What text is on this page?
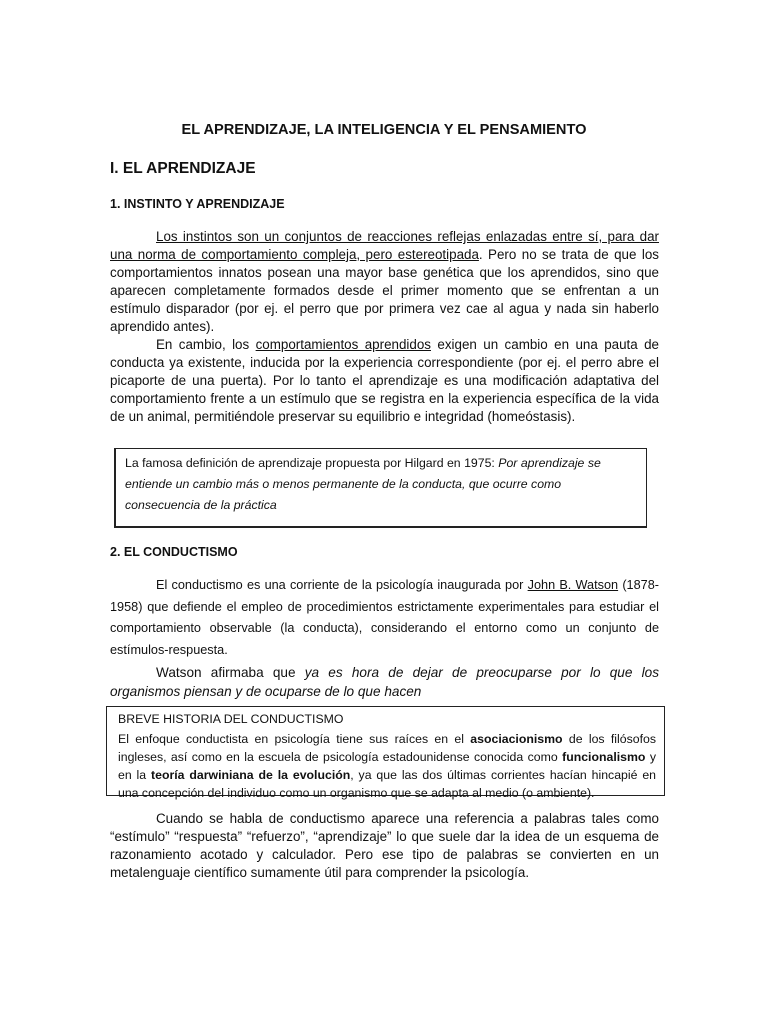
EL APRENDIZAJE, LA INTELIGENCIA Y EL PENSAMIENTO
I. EL APRENDIZAJE
1. INSTINTO Y APRENDIZAJE
Los instintos son un conjuntos de reacciones reflejas enlazadas entre sí, para dar una norma de comportamiento compleja, pero estereotipada. Pero no se trata de que los comportamientos innatos posean una mayor base genética que los aprendidos, sino que aparecen completamente formados desde el primer momento que se enfrentan a un estímulo disparador (por ej. el perro que por primera vez cae al agua y nada sin haberlo aprendido antes).
En cambio, los comportamientos aprendidos exigen un cambio en una pauta de conducta ya existente, inducida por la experiencia correspondiente (por ej. el perro abre el picaporte de una puerta). Por lo tanto el aprendizaje es una modificación adaptativa del comportamiento frente a un estímulo que se registra en la experiencia específica de la vida de un animal, permitiéndole preservar su equilibrio e integridad (homeóstasis).
La famosa definición de aprendizaje propuesta por Hilgard en 1975: Por aprendizaje se entiende un cambio más o menos permanente de la conducta, que ocurre como consecuencia de la práctica
2. EL CONDUCTISMO
El conductismo es una corriente de la psicología inaugurada por John B. Watson (1878-1958) que defiende el empleo de procedimientos estrictamente experimentales para estudiar el comportamiento observable (la conducta), considerando el entorno como un conjunto de estímulos-respuesta.
Watson afirmaba que ya es hora de dejar de preocuparse por lo que los organismos piensan y de ocuparse de lo que hacen
BREVE HISTORIA DEL CONDUCTISMO
El enfoque conductista en psicología tiene sus raíces en el asociacionismo de los filósofos ingleses, así como en la escuela de psicología estadounidense conocida como funcionalismo y en la teoría darwiniana de la evolución, ya que las dos últimas corrientes hacían hincapié en una concepción del individuo como un organismo que se adapta al medio (o ambiente).
Cuando se habla de conductismo aparece una referencia a palabras tales como “estímulo” “respuesta” “refuerzo”, “aprendizaje” lo que suele dar la idea de un esquema de razonamiento acotado y calculador. Pero ese tipo de palabras se convierten en un metalenguaje científico sumamente útil para comprender la psicología.
